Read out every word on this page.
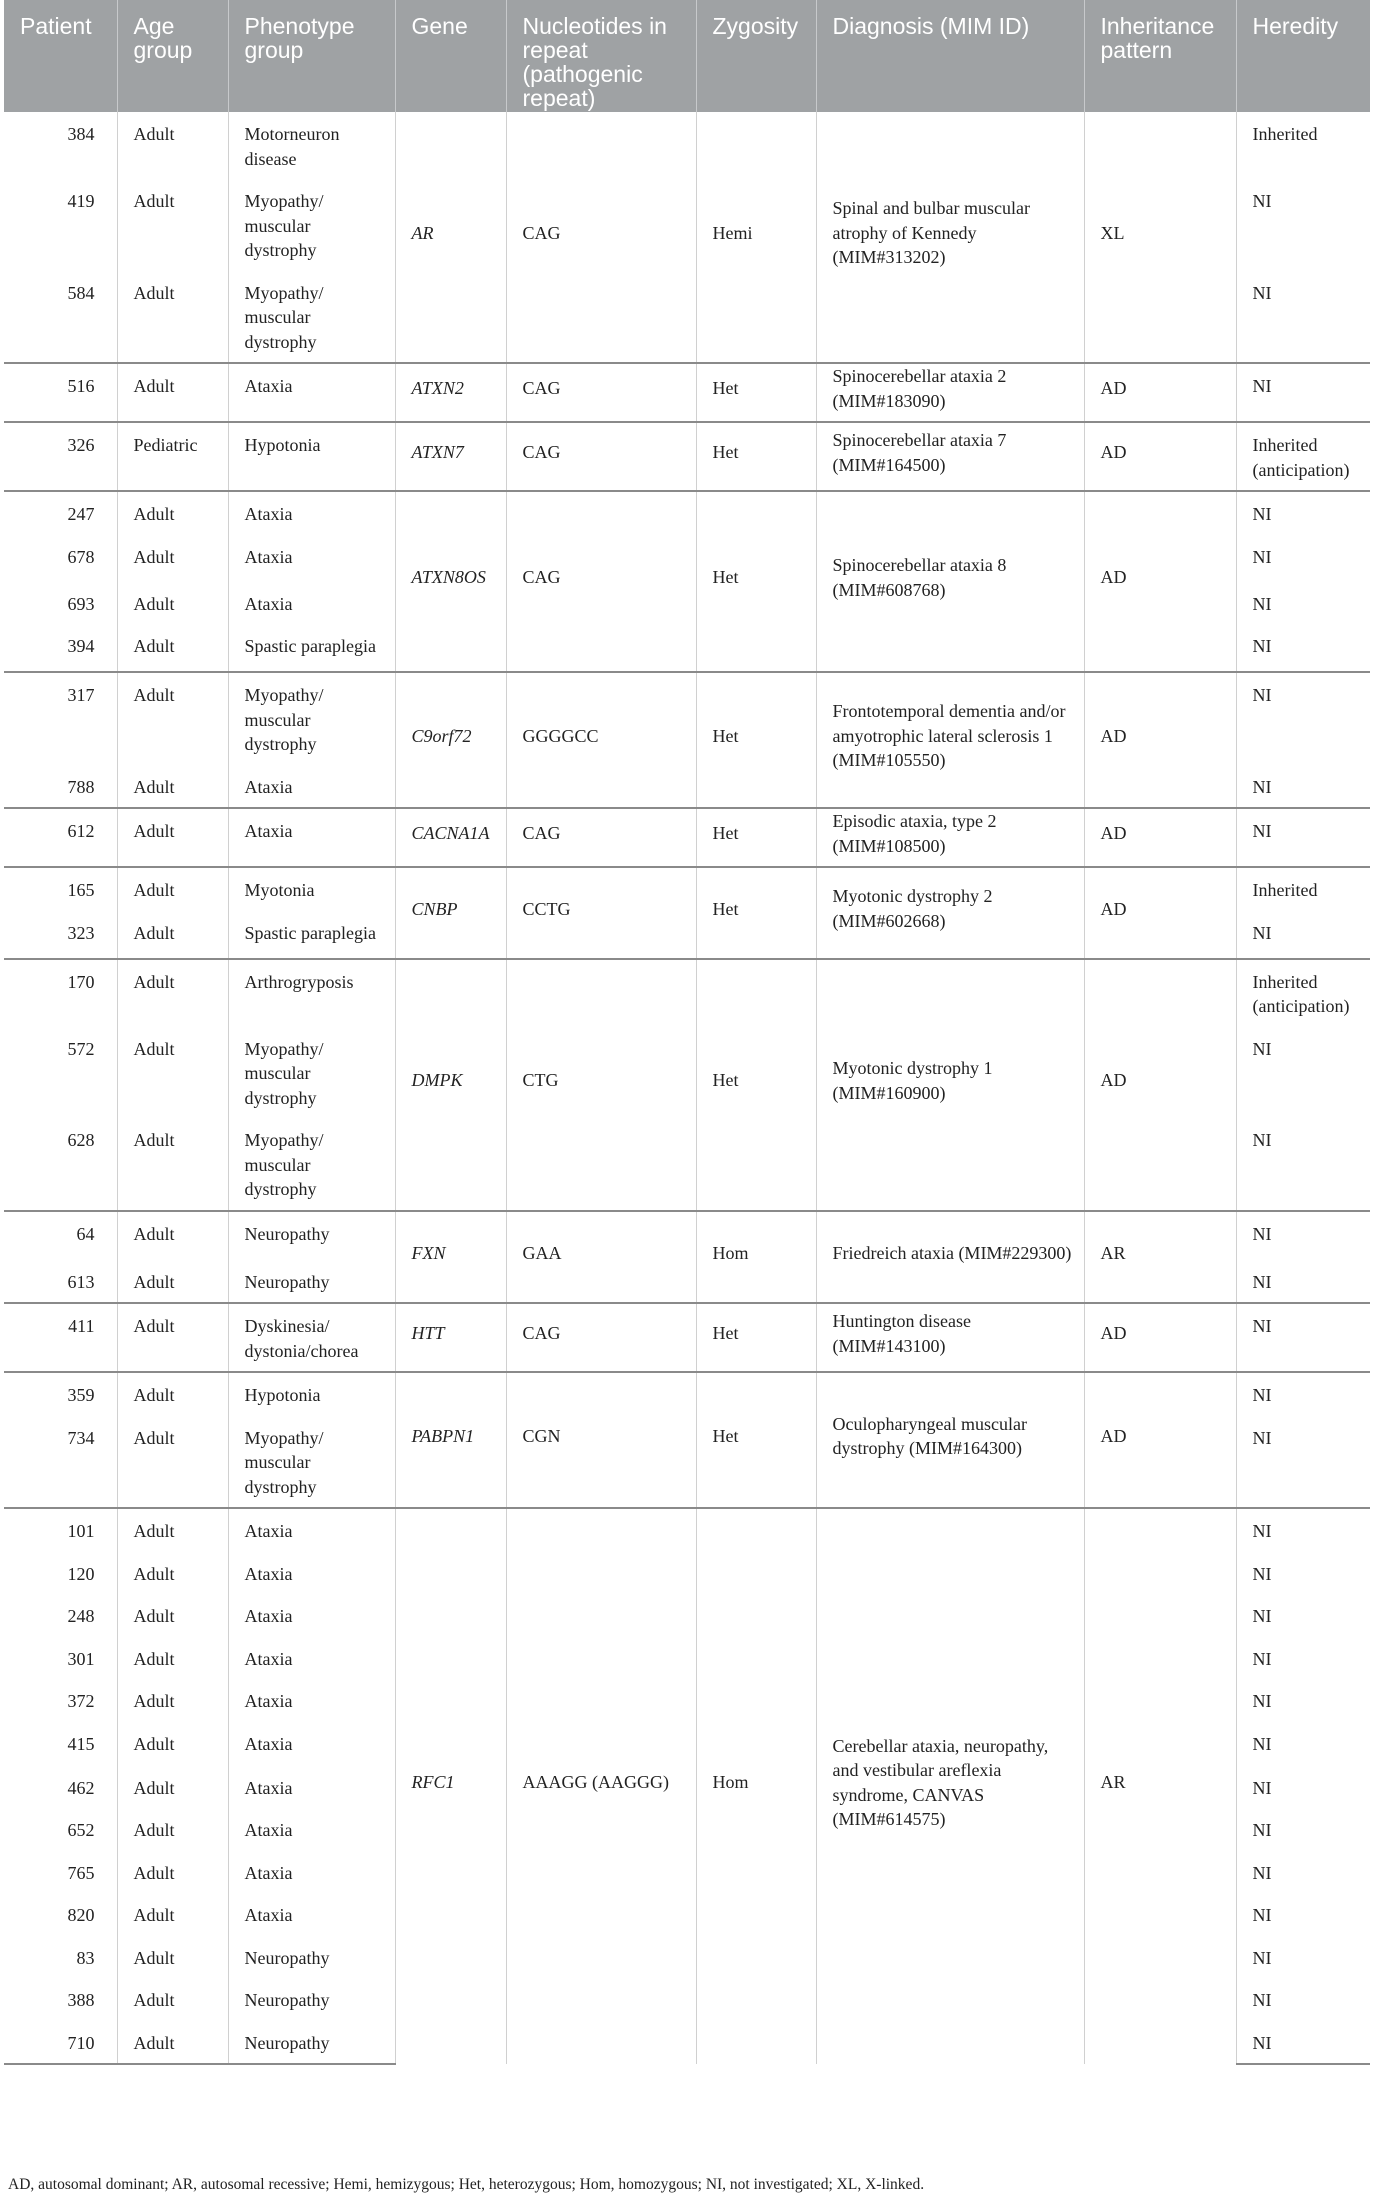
Patient	Age group	Phenotype group	Gene	Nucleotides in repeat (pathogenic repeat)	Zygosity	Diagnosis (MIM ID)	Inheritance pattern	Heredity
384	Adult	Motorneuron disease	AR	CAG	Hemi	Spinal and bulbar muscular atrophy of Kennedy (MIM#313202)	XL	Inherited
419	Adult	Myopathy/ muscular dystrophy						NI
584	Adult	Myopathy/ muscular dystrophy						NI
516	Adult	Ataxia	ATXN2	CAG	Het	Spinocerebellar ataxia 2 (MIM#183090)	AD	NI
326	Pediatric	Hypotonia	ATXN7	CAG	Het	Spinocerebellar ataxia 7 (MIM#164500)	AD	Inherited (anticipation)
247	Adult	Ataxia	ATXN8OS	CAG	Het	Spinocerebellar ataxia 8 (MIM#608768)	AD	NI
678	Adult	Ataxia						NI
693	Adult	Ataxia						NI
394	Adult	Spastic paraplegia						NI
317	Adult	Myopathy/ muscular dystrophy	C9orf72	GGGGCC	Het	Frontotemporal dementia and/or amyotrophic lateral sclerosis 1 (MIM#105550)	AD	NI
788	Adult	Ataxia						NI
612	Adult	Ataxia	CACNA1A	CAG	Het	Episodic ataxia, type 2 (MIM#108500)	AD	NI
165	Adult	Myotonia	CNBP	CCTG	Het	Myotonic dystrophy 2 (MIM#602668)	AD	Inherited
323	Adult	Spastic paraplegia						NI
170	Adult	Arthrogryposis	DMPK	CTG	Het	Myotonic dystrophy 1 (MIM#160900)	AD	Inherited (anticipation)
572	Adult	Myopathy/ muscular dystrophy						NI
628	Adult	Myopathy/ muscular dystrophy						NI
64	Adult	Neuropathy	FXN	GAA	Hom	Friedreich ataxia (MIM#229300)	AR	NI
613	Adult	Neuropathy						NI
411	Adult	Dyskinesia/ dystonia/chorea	HTT	CAG	Het	Huntington disease (MIM#143100)	AD	NI
359	Adult	Hypotonia	PABPN1	CGN	Het	Oculopharyngeal muscular dystrophy (MIM#164300)	AD	NI
734	Adult	Myopathy/ muscular dystrophy						NI
101	Adult	Ataxia	RFC1	AAAGG (AAGGG)	Hom	Cerebellar ataxia, neuropathy, and vestibular areflexia syndrome, CANVAS (MIM#614575)	AR	NI
120	Adult	Ataxia						NI
248	Adult	Ataxia						NI
301	Adult	Ataxia						NI
372	Adult	Ataxia						NI
415	Adult	Ataxia						NI
462	Adult	Ataxia						NI
652	Adult	Ataxia						NI
765	Adult	Ataxia						NI
820	Adult	Ataxia						NI
83	Adult	Neuropathy						NI
388	Adult	Neuropathy						NI
710	Adult	Neuropathy						NI
AD, autosomal dominant; AR, autosomal recessive; Hemi, hemizygous; Het, heterozygous; Hom, homozygous; NI, not investigated; XL, X-linked.
